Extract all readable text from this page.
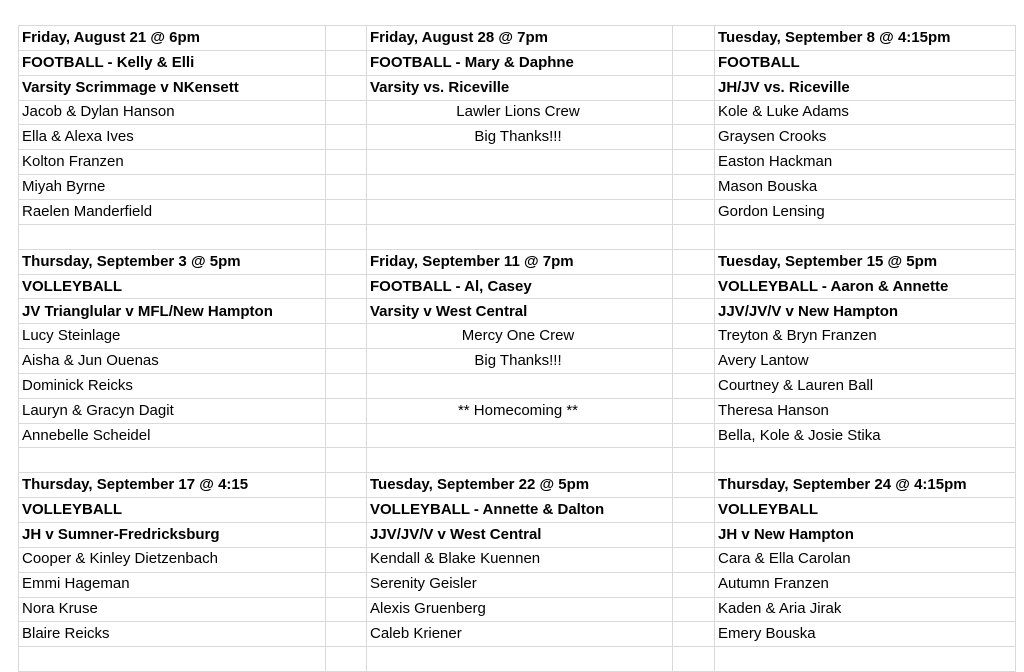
Friday, August 21 @ 6pm
FOOTBALL - Kelly & Elli
Varsity Scrimmage v NKensett
Jacob & Dylan Hanson
Ella & Alexa Ives
Kolton Franzen
Miyah Byrne
Raelen Manderfield
Friday, August 28 @ 7pm
FOOTBALL - Mary & Daphne
Varsity vs. Riceville
Lawler Lions Crew
Big Thanks!!!
Tuesday, September 8 @ 4:15pm
FOOTBALL
JH/JV vs. Riceville
Kole & Luke Adams
Graysen Crooks
Easton Hackman
Mason Bouska
Gordon Lensing
Thursday, September 3 @ 5pm
VOLLEYBALL
JV Trianglular v MFL/New Hampton
Lucy Steinlage
Aisha & Jun Ouenas
Dominick Reicks
Lauryn & Gracyn Dagit
Annebelle Scheidel
Friday, September 11 @ 7pm
FOOTBALL - Al, Casey
Varsity v West Central
Mercy One Crew
Big Thanks!!!
** Homecoming **
Tuesday, September 15 @ 5pm
VOLLEYBALL - Aaron & Annette
JJV/JV/V v New Hampton
Treyton & Bryn Franzen
Avery Lantow
Courtney & Lauren Ball
Theresa Hanson
Bella, Kole & Josie Stika
Thursday, September 17 @ 4:15
VOLLEYBALL
JH v Sumner-Fredricksburg
Cooper & Kinley Dietzenbach
Emmi Hageman
Nora Kruse
Blaire Reicks
Tuesday, September 22 @ 5pm
VOLLEYBALL - Annette & Dalton
JJV/JV/V v West Central
Kendall & Blake Kuennen
Serenity Geisler
Alexis Gruenberg
Caleb Kriener
Thursday, September 24 @ 4:15pm
VOLLEYBALL
JH v New Hampton
Cara & Ella Carolan
Autumn Franzen
Kaden & Aria Jirak
Emery Bouska
